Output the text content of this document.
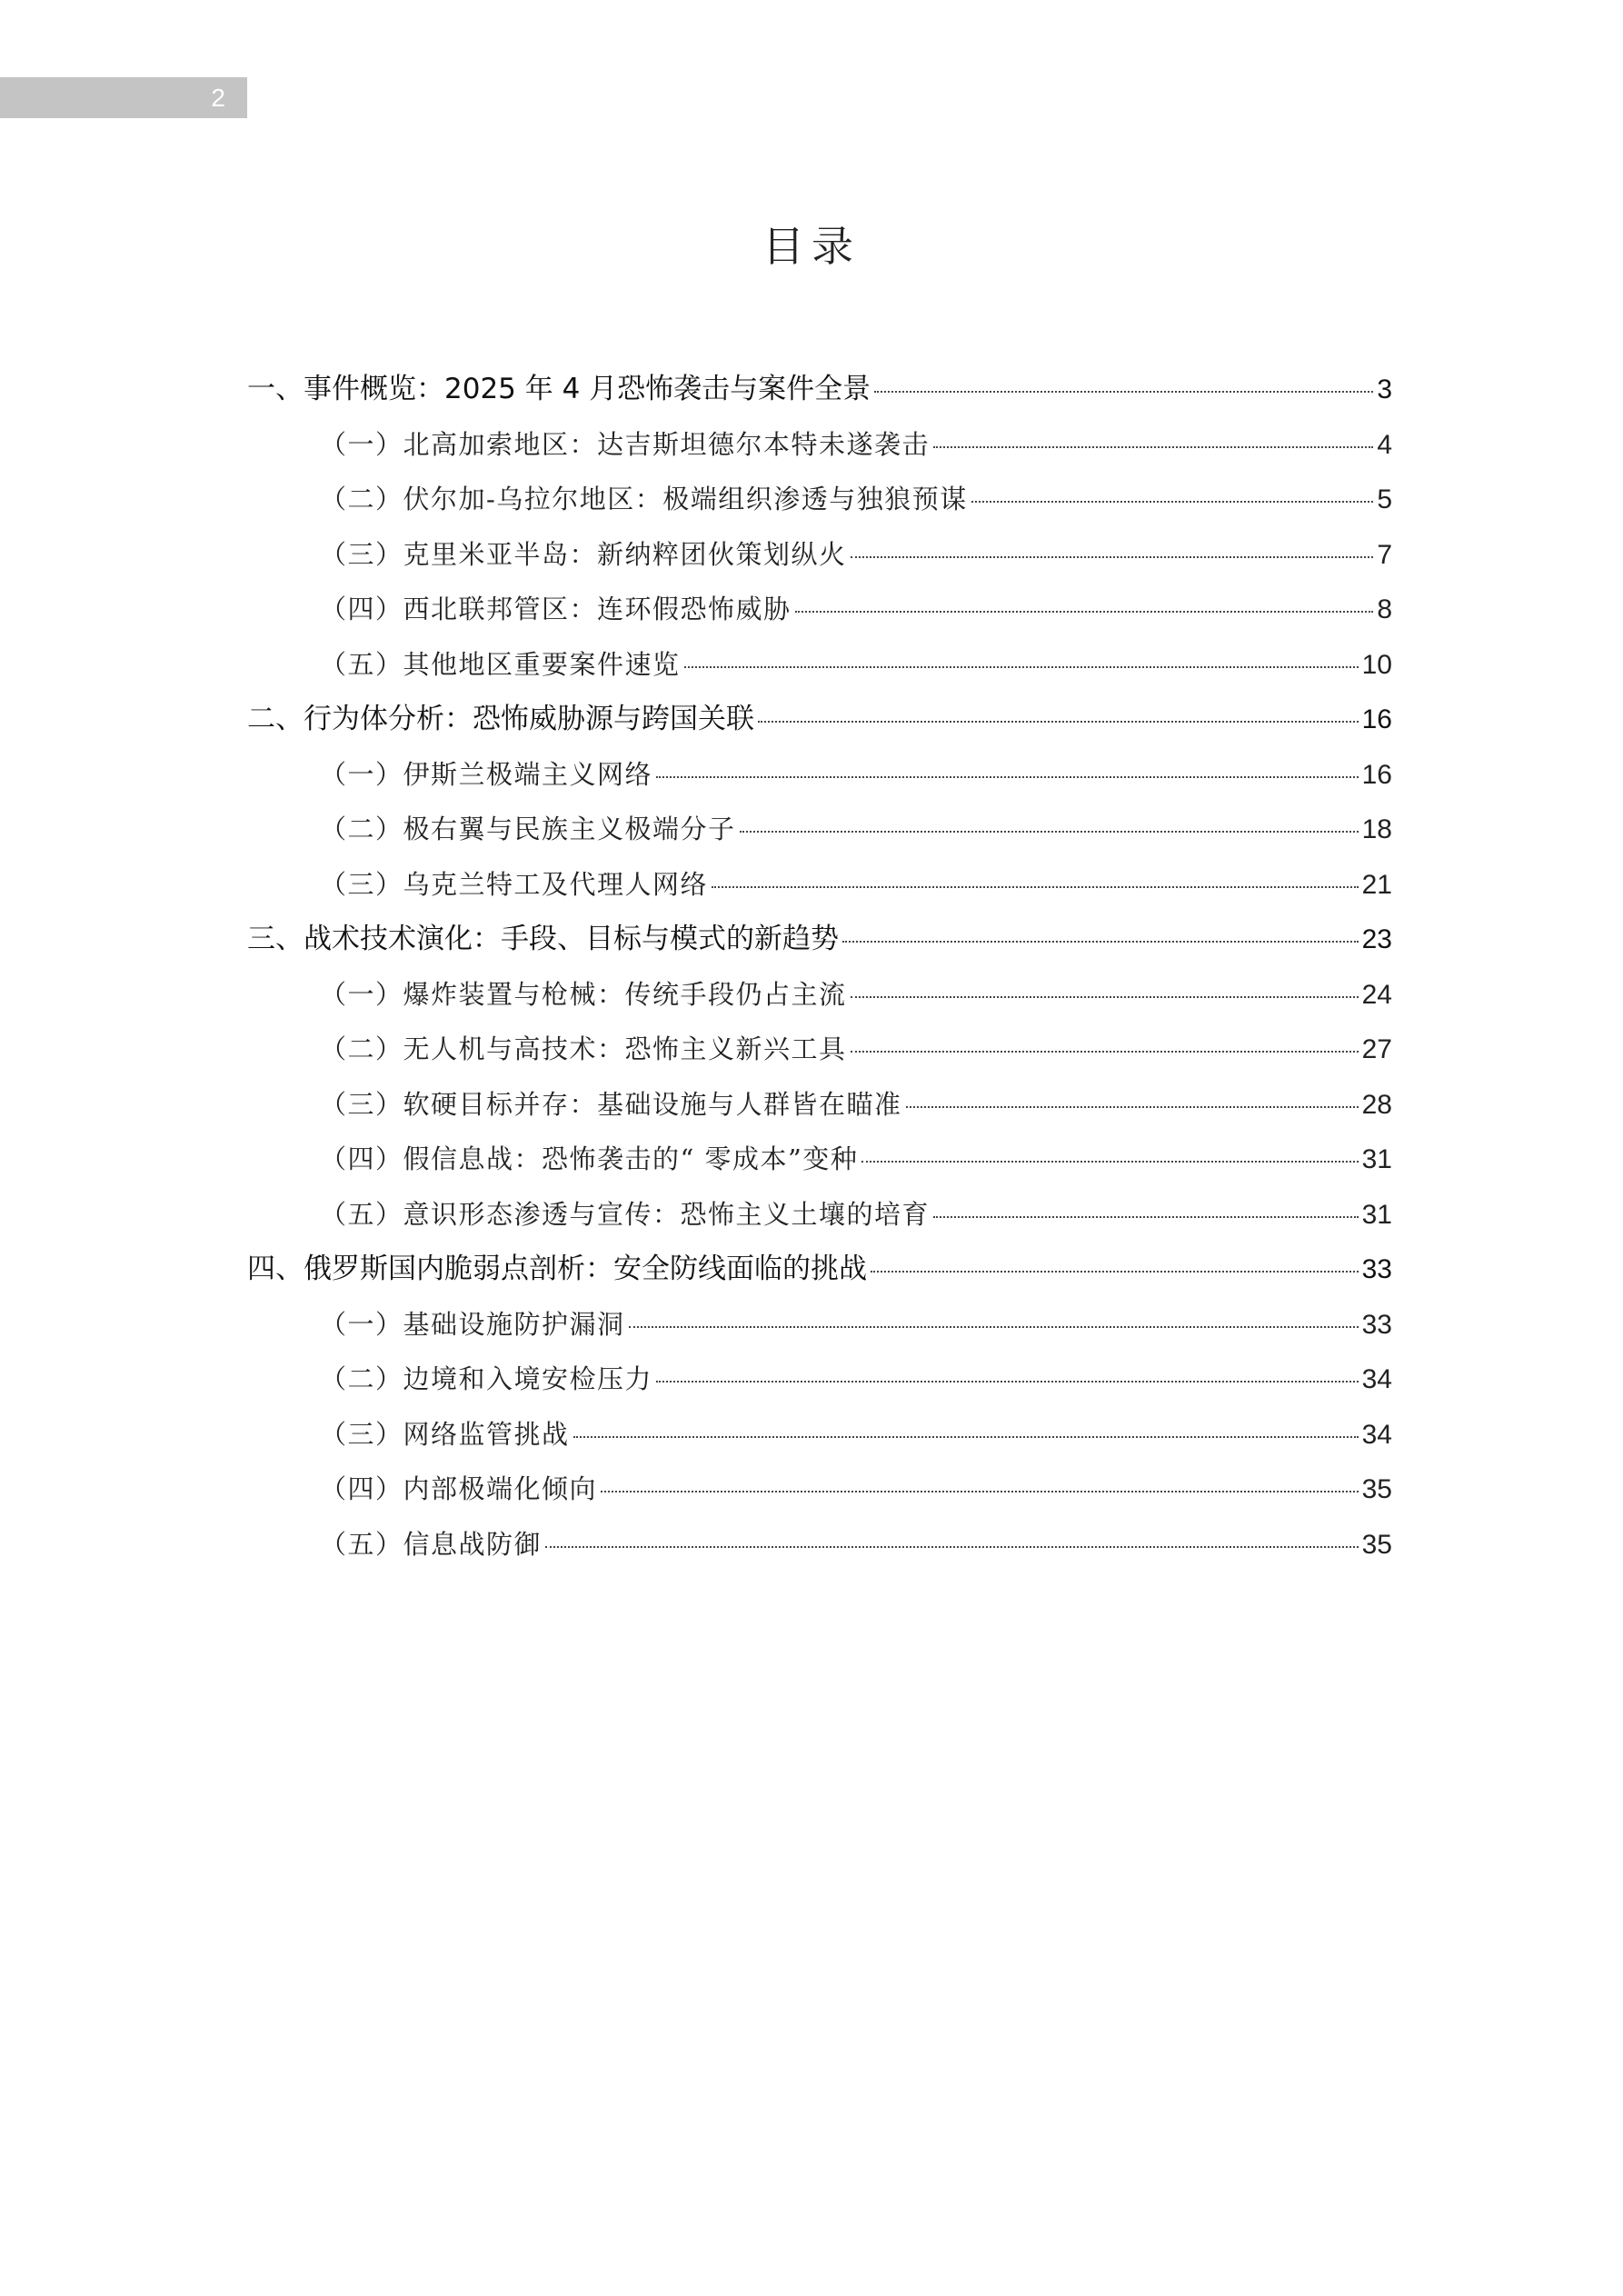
2
目录
一、事件概览：2025 年 4 月恐怖袭击与案件全景	3
（一）北高加索地区：达吉斯坦德尔本特未遂袭击	4
（二）伏尔加-乌拉尔地区：极端组织渗透与独狼预谋	5
（三）克里米亚半岛：新纳粹团伙策划纵火	7
（四）西北联邦管区：连环假恐怖威胁	8
（五）其他地区重要案件速览	10
二、行为体分析：恐怖威胁源与跨国关联	16
（一）伊斯兰极端主义网络	16
（二）极右翼与民族主义极端分子	18
（三）乌克兰特工及代理人网络	21
三、战术技术演化：手段、目标与模式的新趋势	23
（一）爆炸装置与枪械：传统手段仍占主流	24
（二）无人机与高技术：恐怖主义新兴工具	27
（三）软硬目标并存：基础设施与人群皆在瞄准	28
（四）假信息战：恐怖袭击的“ 零成本”变种	31
（五）意识形态渗透与宣传：恐怖主义土壤的培育	31
四、俄罗斯国内脆弱点剖析：安全防线面临的挑战	33
（一）基础设施防护漏洞	33
（二）边境和入境安检压力	34
（三）网络监管挑战	34
（四）内部极端化倾向	35
（五）信息战防御	35
